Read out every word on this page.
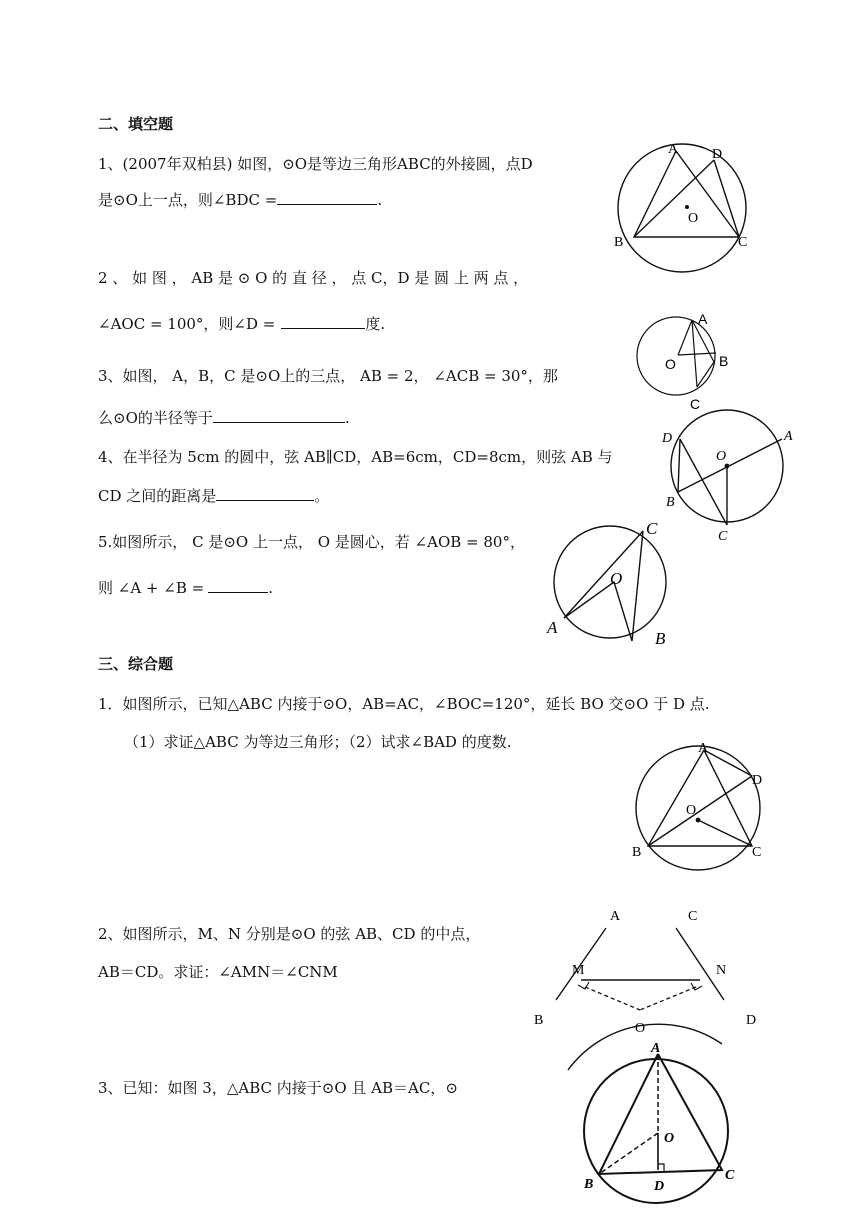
二、填空题
1、(2007年双柏县) 如图，⊙O是等边三角形ABC的外接圆，点D
是⊙O上一点，则∠BDC =	.
2 、 如 图 ， AB 是 ⊙ O 的 直 径 ， 点 C，D 是 圆 上 两 点 ，
∠AOC = 100°，则∠D =	度.
3、如图， A，B，C 是⊙O上的三点， AB = 2， ∠ACB = 30°，那
么⊙O的半径等于	.
4、在半径为 5cm 的圆中，弦 AB∥CD，AB=6cm，CD=8cm，则弦 AB 与
CD 之间的距离是	。
5.如图所示， C 是⊙O 上一点， O 是圆心，若 ∠AOB = 80°，
则 ∠A + ∠B =	.
三、综合题
1．如图所示，已知△ABC 内接于⊙O，AB=AC，∠BOC=120°，延长 BO 交⊙O 于 D 点.
（1）求证△ABC 为等边三角形；（2）试求∠BAD 的度数.
2、如图所示，M、N 分别是⊙O 的弦 AB、CD 的中点，
AB＝CD。求证：∠AMN＝∠CNM
3、已知：如图 3，△ABC 内接于⊙O 且 AB＝AC，⊙
A D
O
B	C
A
O	B
C
D	A
O
B
C
C
O
A
B
A
D
O
B	C
A	C
M	N
B
O
D
A
O
B	D
C
